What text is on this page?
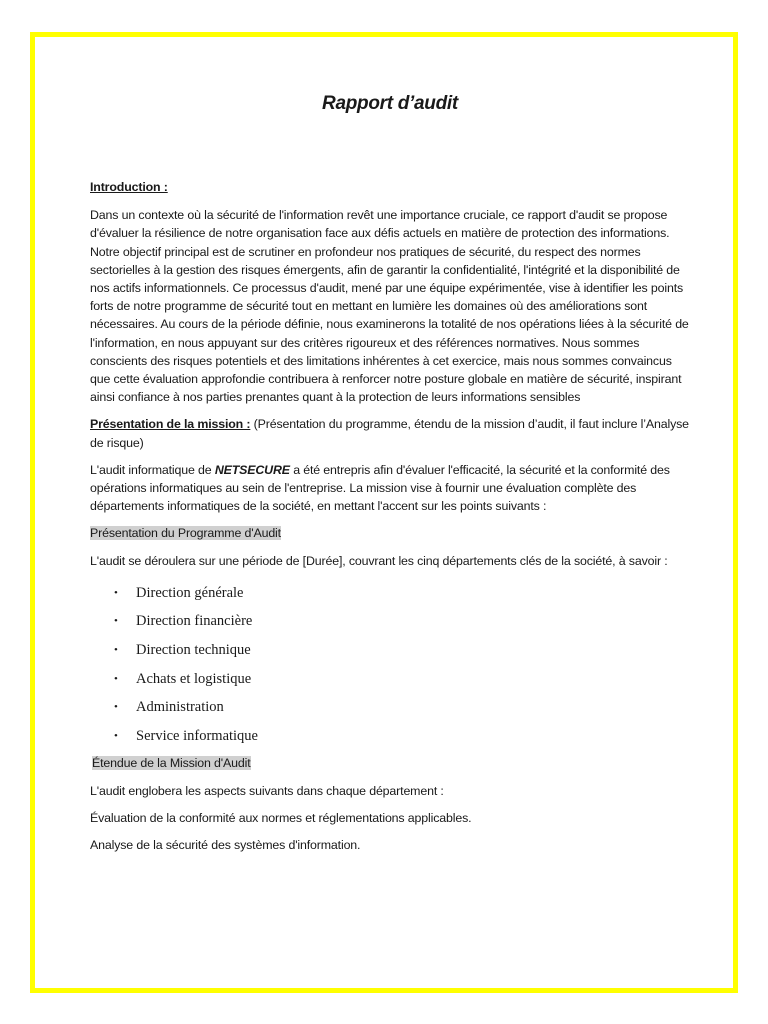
Rapport d’audit

Introduction :

Dans un contexte où la sécurité de l'information revêt une importance cruciale, ce rapport d'audit se propose d'évaluer la résilience de notre organisation face aux défis actuels en matière de protection des informations. Notre objectif principal est de scrutiner en profondeur nos pratiques de sécurité, du respect des normes sectorielles à la gestion des risques émergents, afin de garantir la confidentialité, l'intégrité et la disponibilité de nos actifs informationnels. Ce processus d'audit, mené par une équipe expérimentée, vise à identifier les points forts de notre programme de sécurité tout en mettant en lumière les domaines où des améliorations sont nécessaires. Au cours de la période définie, nous examinerons la totalité de nos opérations liées à la sécurité de l'information, en nous appuyant sur des critères rigoureux et des références normatives. Nous sommes conscients des risques potentiels et des limitations inhérentes à cet exercice, mais nous sommes convaincus que cette évaluation approfondie contribuera à renforcer notre posture globale en matière de sécurité, inspirant ainsi confiance à nos parties prenantes quant à la protection de leurs informations sensibles

Présentation de la mission : (Présentation du programme, étendu de la mission d’audit, il faut inclure l’Analyse de risque)

L'audit informatique de NETSECURE a été entrepris afin d'évaluer l'efficacité, la sécurité et la conformité des opérations informatiques au sein de l'entreprise. La mission vise à fournir une évaluation complète des départements informatiques de la société, en mettant l'accent sur les points suivants :

Présentation du Programme d'Audit

L'audit se déroulera sur une période de [Durée], couvrant les cinq départements clés de la société, à savoir :

• Direction générale
• Direction financière
• Direction technique
• Achats et logistique
• Administration
• Service informatique

Étendue de la Mission d'Audit

L'audit englobera les aspects suivants dans chaque département :

Évaluation de la conformité aux normes et réglementations applicables.

Analyse de la sécurité des systèmes d'information.
